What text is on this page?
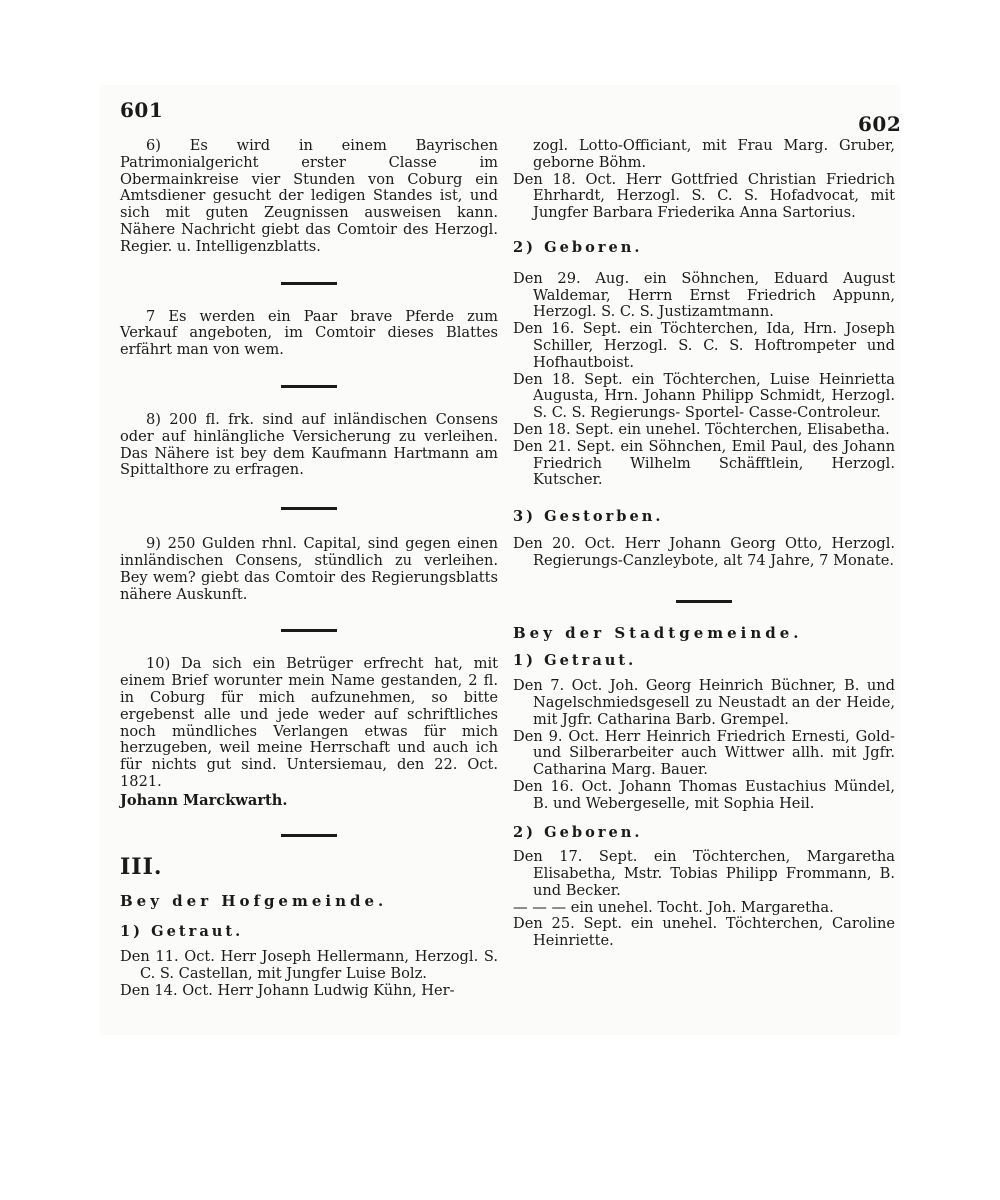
601
602

6) Es wird in einem Bayrischen Patrimonialgericht erster Classe im Obermainkreise vier Stunden von Coburg ein Amtsdiener gesucht der ledigen Standes ist, und sich mit guten Zeugnissen ausweisen kann. Nähere Nachricht giebt das Comtoir des Herzogl. Regier. u. Intelligenzblatts.

7 Es werden ein Paar brave Pferde zum Verkauf angeboten, im Comtoir dieses Blattes erfährt man von wem.

8) 200 fl. frk. sind auf inländischen Consens oder auf hinlängliche Versicherung zu verleihen. Das Nähere ist bey dem Kaufmann Hartmann am Spittalthore zu erfragen.

9) 250 Gulden rhnl. Capital, sind gegen einen innländischen Consens, stündlich zu verleihen. Bey wem? giebt das Comtoir des Regierungsblatts nähere Auskunft.

10) Da sich ein Betrüger erfrecht hat, mit einem Brief worunter mein Name gestanden, 2 fl. in Coburg für mich aufzunehmen, so bitte ergebenst alle und jede weder auf schriftliches noch mündliches Verlangen etwas für mich herzugeben, weil meine Herrschaft und auch ich für nichts gut sind. Untersiemau, den 22. Oct. 1821.

Johann Marckwarth.

III.

Bey der Hofgemeinde.

1) Getraut.

Den 11. Oct. Herr Joseph Hellermann, Herzogl. S. C. S. Castellan, mit Jungfer Luise Bolz.

Den 14. Oct. Herr Johann Ludwig Kühn, Her-

zogl. Lotto-Officiant, mit Frau Marg. Gruber, geborne Böhm.

Den 18. Oct. Herr Gottfried Christian Friedrich Ehrhardt, Herzogl. S. C. S. Hofadvocat, mit Jungfer Barbara Friederika Anna Sartorius.

2) Geboren.

Den 29. Aug. ein Söhnchen, Eduard August Waldemar, Herrn Ernst Friedrich Appunn, Herzogl. S. C. S. Justizamtmann.

Den 16. Sept. ein Töchterchen, Ida, Hrn. Joseph Schiller, Herzogl. S. C. S. Hoftrompeter und Hofhautboist.

Den 18. Sept. ein Töchterchen, Luise Heinrietta Augusta, Hrn. Johann Philipp Schmidt, Herzogl. S. C. S. Regierungs- Sportel- Casse-Controleur.

Den 18. Sept. ein unehel. Töchterchen, Elisabetha.

Den 21. Sept. ein Söhnchen, Emil Paul, des Johann Friedrich Wilhelm Schäfftlein, Herzogl. Kutscher.

3) Gestorben.

Den 20. Oct. Herr Johann Georg Otto, Herzogl. Regierungs-Canzleybote, alt 74 Jahre, 7 Monate.

Bey der Stadtgemeinde.

1) Getraut.

Den 7. Oct. Joh. Georg Heinrich Büchner, B. und Nagelschmiedsgesell zu Neustadt an der Heide, mit Jgfr. Catharina Barb. Grempel.

Den 9. Oct. Herr Heinrich Friedrich Ernesti, Gold- und Silberarbeiter auch Wittwer allh. mit Jgfr. Catharina Marg. Bauer.

Den 16. Oct. Johann Thomas Eustachius Mündel, B. und Webergeselle, mit Sophia Heil.

2) Geboren.

Den 17. Sept. ein Töchterchen, Margaretha Elisabetha, Mstr. Tobias Philipp Frommann, B. und Becker.

— — — ein unehel. Tocht. Joh. Margaretha.

Den 25. Sept. ein unehel. Töchterchen, Caroline Heinriette.
